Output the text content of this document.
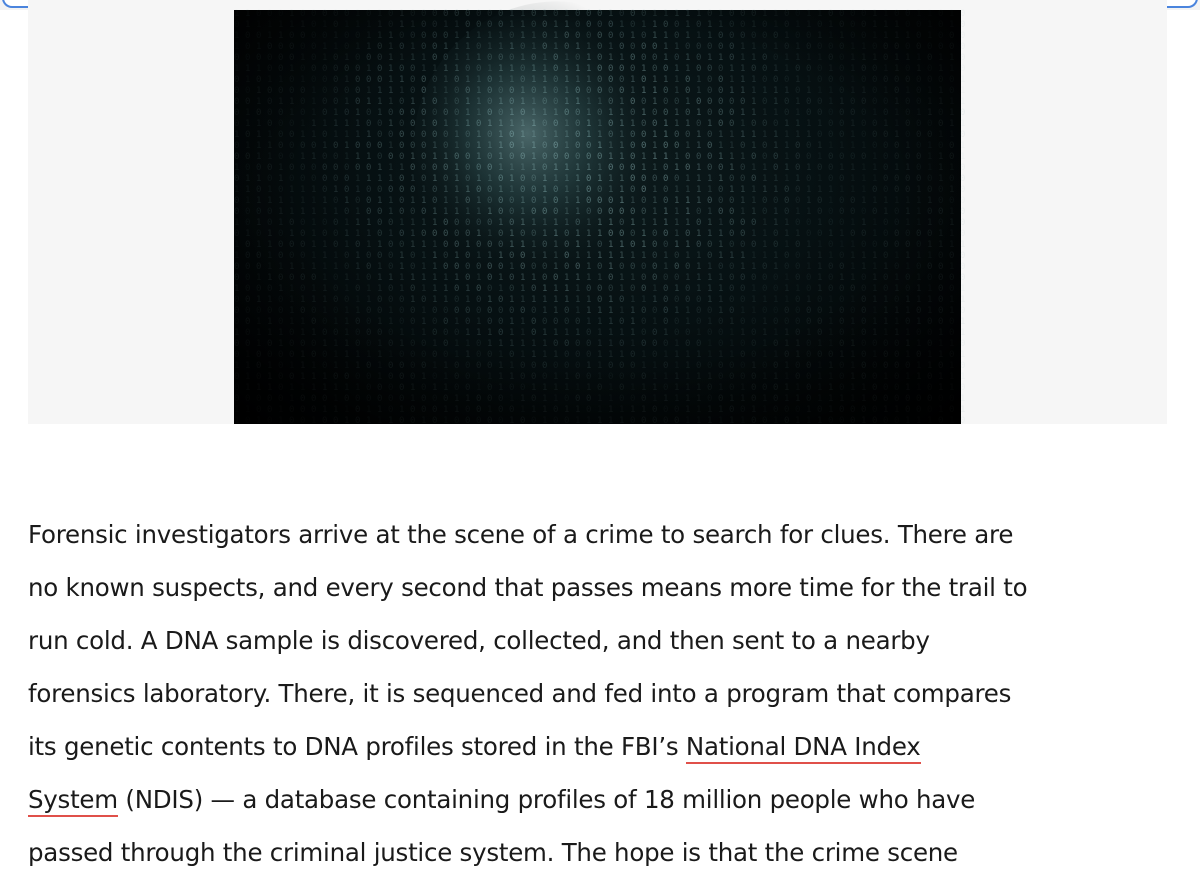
0
0
0
0
0
0
1
1
1
0
1
0
1
1
0
0
0
0
0
0
0
1
0
0
0
1
1
0
1
1
0
1
0
1
0
1
1
0

Forensic investigators arrive at the scene of a crime to search for clues. There are
no known suspects, and every second that passes means more time for the trail to
run cold. A DNA sample is discovered, collected, and then sent to a nearby
forensics laboratory. There, it is sequenced and fed into a program that compares
its genetic contents to DNA profiles stored in the FBI’s National DNA Index
System (NDIS) — a database containing profiles of 18 million people who have
passed through the criminal justice system. The hope is that the crime scene
